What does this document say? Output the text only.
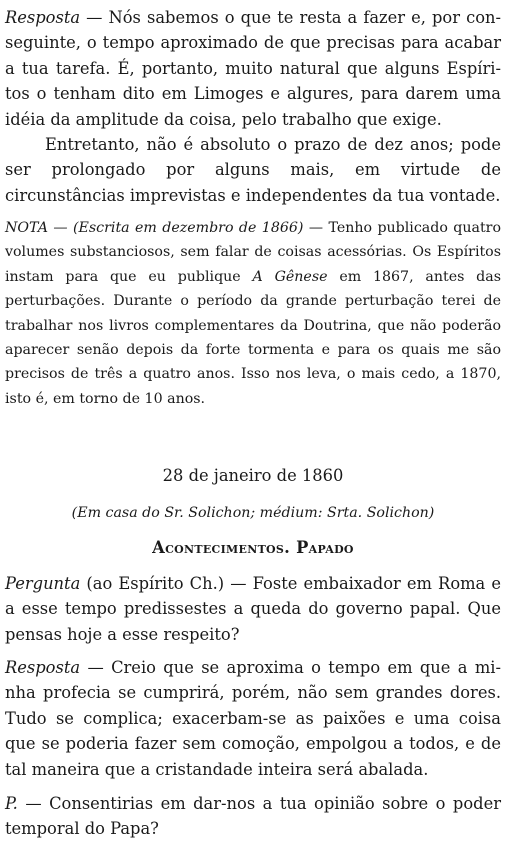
Resposta — Nós sabemos o que te resta a fazer e, por conseguinte, o tempo aproximado de que precisas para acabar a tua tarefa. É, portanto, muito natural que alguns Espíritos o tenham dito em Limoges e algures, para darem uma idéia da amplitude da coisa, pelo trabalho que exige.

Entretanto, não é absoluto o prazo de dez anos; pode ser prolongado por alguns mais, em virtude de circunstâncias imprevistas e independentes da tua vontade.

NOTA — (Escrita em dezembro de 1866) — Tenho publicado quatro volumes substanciosos, sem falar de coisas acessórias. Os Espíritos instam para que eu publique A Gênese em 1867, antes das perturbações. Durante o período da grande perturbação terei de trabalhar nos livros complementares da Doutrina, que não poderão aparecer senão depois da forte tormenta e para os quais me são precisos de três a quatro anos. Isso nos leva, o mais cedo, a 1870, isto é, em torno de 10 anos.

28 de janeiro de 1860

(Em casa do Sr. Solichon; médium: Srta. Solichon)

Acontecimentos. Papado

Pergunta (ao Espírito Ch.) — Foste embaixador em Roma e a esse tempo predissestes a queda do governo papal. Que pensas hoje a esse respeito?

Resposta — Creio que se aproxima o tempo em que a minha profecia se cumprirá, porém, não sem grandes dores. Tudo se complica; exacerbam-se as paixões e uma coisa que se poderia fazer sem comoção, empolgou a todos, e de tal maneira que a cristandade inteira será abalada.

P. — Consentirias em dar-nos a tua opinião sobre o poder temporal do Papa?
